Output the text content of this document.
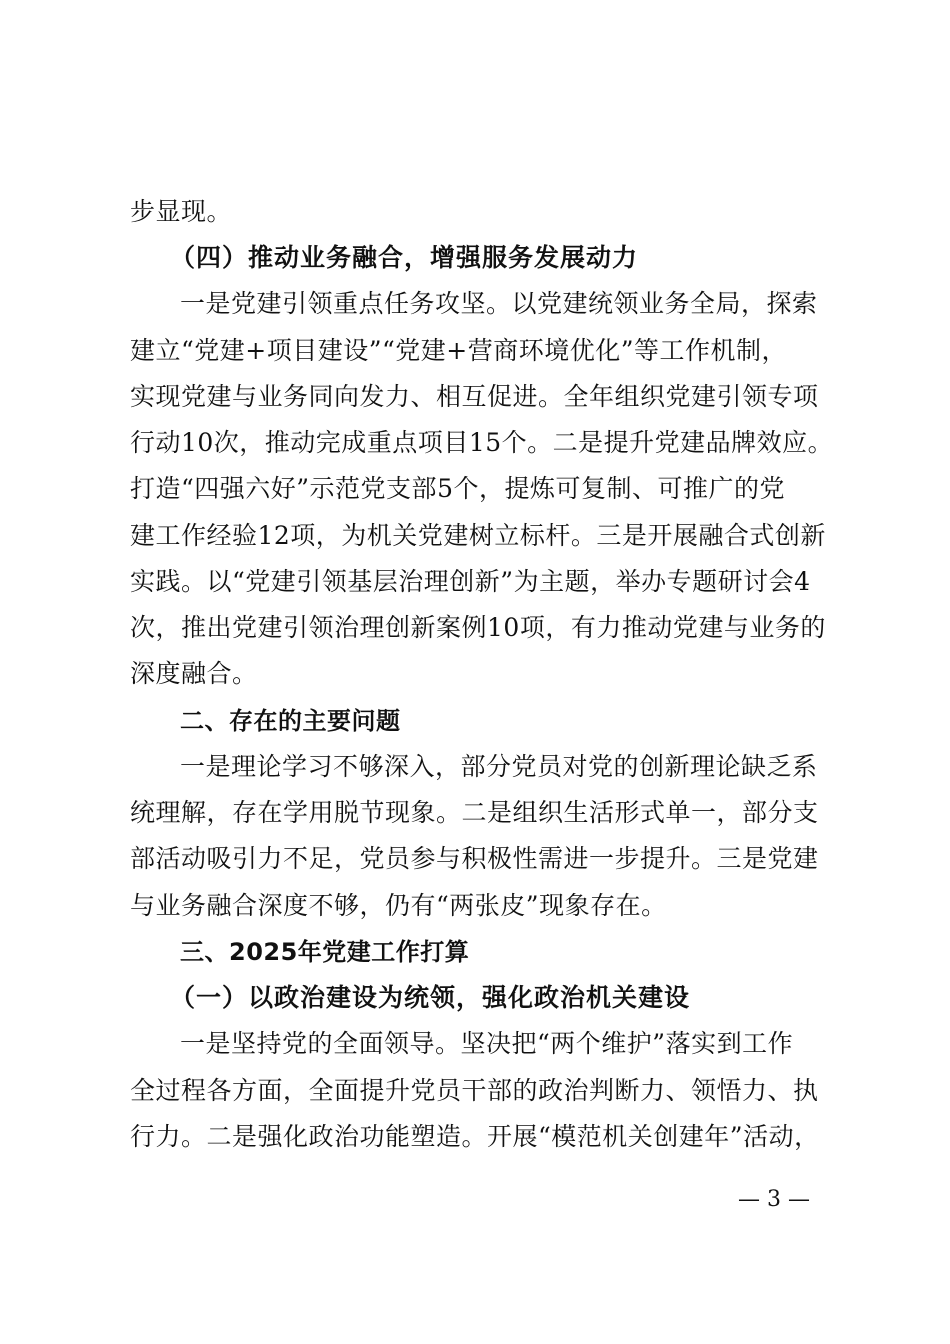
步显现。
（四）推动业务融合，增强服务发展动力
一是党建引领重点任务攻坚。以党建统领业务全局，探索
建立“党建+项目建设”“党建+营商环境优化”等工作机制，
实现党建与业务同向发力、相互促进。全年组织党建引领专项
行动10次，推动完成重点项目15个。二是提升党建品牌效应。
打造“四强六好”示范党支部5个，提炼可复制、可推广的党
建工作经验12项，为机关党建树立标杆。三是开展融合式创新
实践。以“党建引领基层治理创新”为主题，举办专题研讨会4
次，推出党建引领治理创新案例10项，有力推动党建与业务的
深度融合。
二、存在的主要问题
一是理论学习不够深入，部分党员对党的创新理论缺乏系
统理解，存在学用脱节现象。二是组织生活形式单一，部分支
部活动吸引力不足，党员参与积极性需进一步提升。三是党建
与业务融合深度不够，仍有“两张皮”现象存在。
三、2025年党建工作打算
（一）以政治建设为统领，强化政治机关建设
一是坚持党的全面领导。坚决把“两个维护”落实到工作
全过程各方面，全面提升党员干部的政治判断力、领悟力、执
行力。二是强化政治功能塑造。开展“模范机关创建年”活动，
— 3 —
